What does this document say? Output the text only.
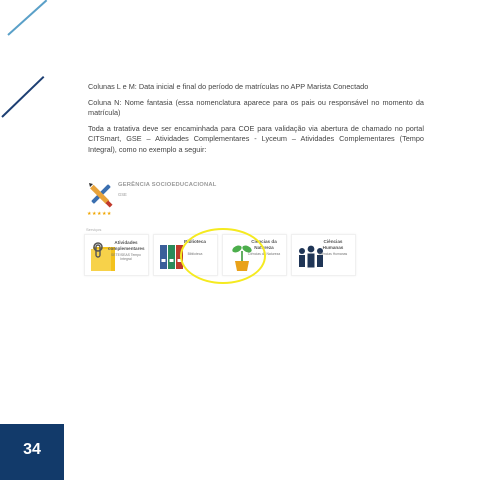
Colunas L e M: Data inicial e final do período de matrículas no APP Marista Conectado

Coluna N: Nome fantasia (essa nomenclatura aparece para os pais ou responsável no momento da matrícula)

Toda a tratativa deve ser encaminhada para COE para validação via abertura de chamado no portal CITSmart, GSE – Atividades Complementares - Lyceum – Atividades Complementares (Tempo Integral), como no exemplo a seguir:

GERÊNCIA SOCIOEDUCACIONAL
GSE
★★★★★
Serviços
Atividades complementares
SETE/SEAS Tempo Integral
Biblioteca
Biblioteca
Ciências da Natureza
Ciências da Natureza
Ciências Humanas
Ciências Humanas
34
